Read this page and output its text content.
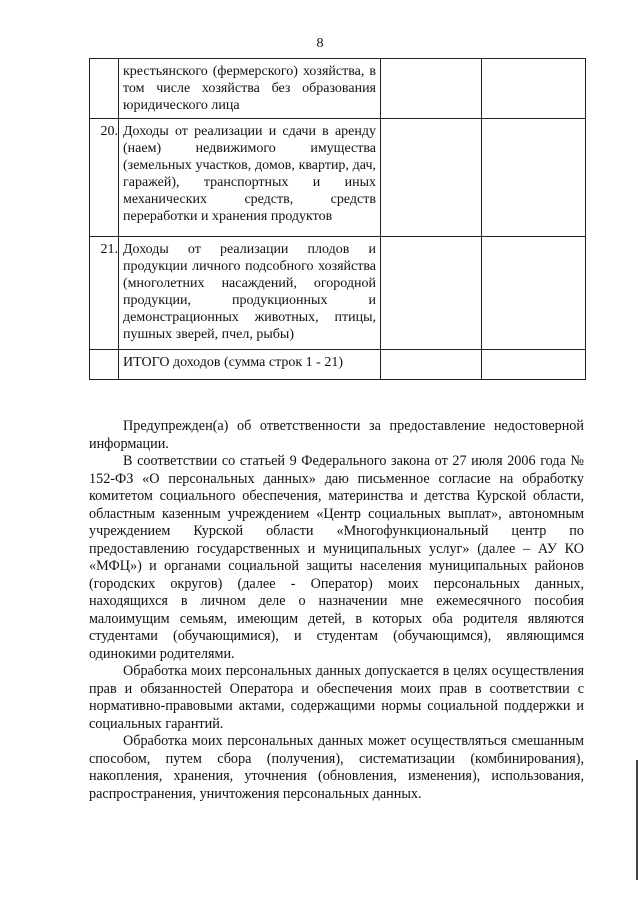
8

	крестьянского (фермерского) хозяйства, в том числе хозяйства без образования юридического лица		

20.	Доходы от реализации и сдачи в аренду (наем) недвижимого имущества (земельных участков, домов, квартир, дач, гаражей), транспортных и иных механических средств, средств переработки и хранения продуктов		

21.	Доходы от реализации плодов и продукции личного подсобного хозяйства (многолетних насаждений, огородной продукции, продукционных и демонстрационных животных, птицы, пушных зверей, пчел, рыбы)		

	ИТОГО доходов (сумма строк 1 - 21)		

Предупрежден(а) об ответственности за предоставление недостоверной информации.

В соответствии со статьей 9 Федерального закона от 27 июля 2006 года № 152-ФЗ «О персональных данных» даю письменное согласие на обработку комитетом социального обеспечения, материнства и детства Курской области, областным казенным учреждением «Центр социальных выплат», автономным учреждением Курской области «Многофункциональный центр по предоставлению государственных и муниципальных услуг» (далее – АУ КО «МФЦ») и органами социальной защиты населения муниципальных районов (городских округов) (далее - Оператор) моих персональных данных, находящихся в личном деле о назначении мне ежемесячного пособия малоимущим семьям, имеющим детей, в которых оба родителя являются студентами (обучающимися), и студентам (обучающимся), являющимся одинокими родителями.

Обработка моих персональных данных допускается в целях осуществления прав и обязанностей Оператора и обеспечения моих прав в соответствии с нормативно-правовыми актами, содержащими нормы социальной поддержки и социальных гарантий.

Обработка моих персональных данных может осуществляться смешанным способом, путем сбора (получения), систематизации (комбинирования), накопления, хранения, уточнения (обновления, изменения), использования, распространения, уничтожения персональных данных.
